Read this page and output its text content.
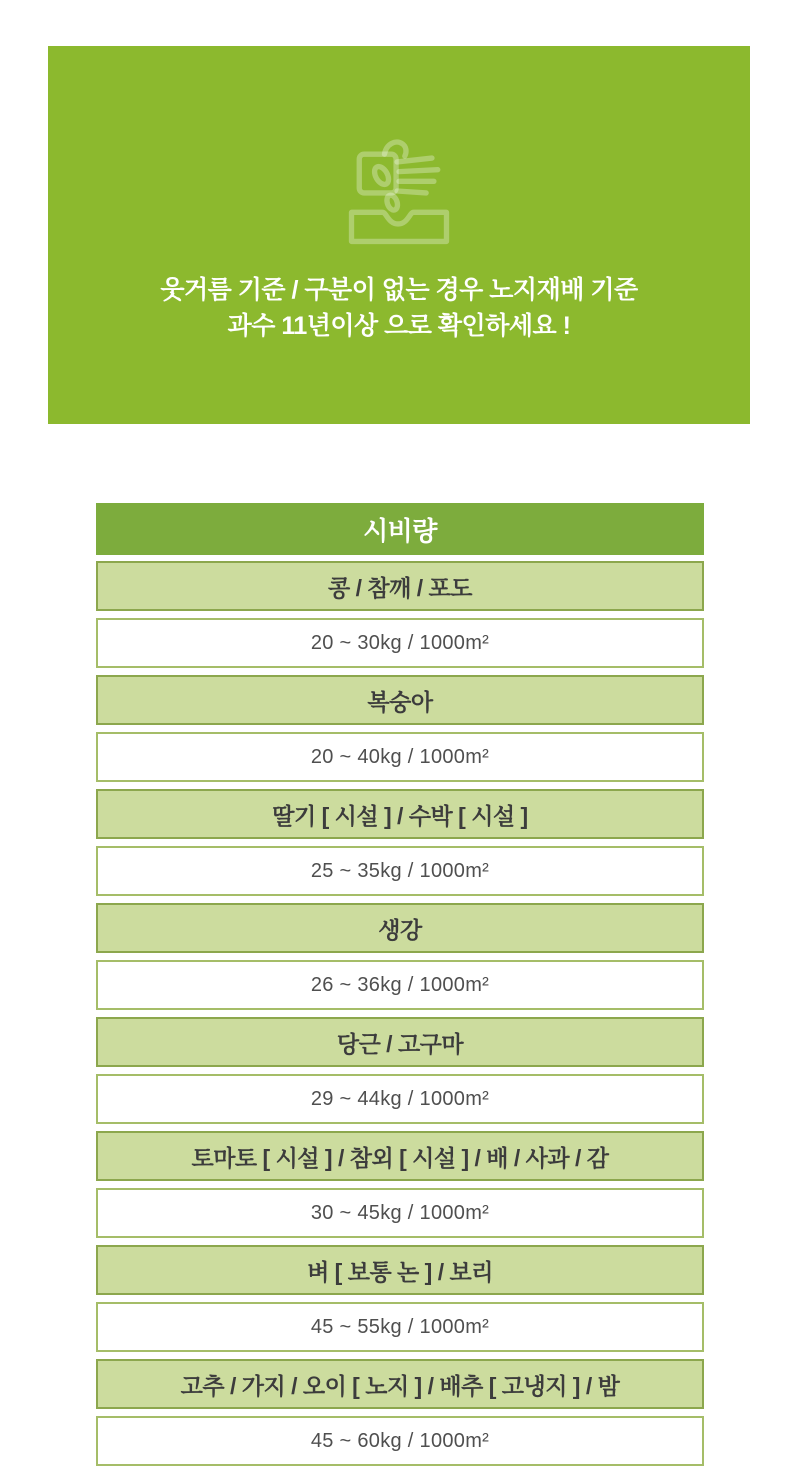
웃거름 기준 / 구분이 없는 경우 노지재배 기준
과수 11년이상 으로 확인하세요 !
시비량
콩 / 참깨 / 포도
20 ~ 30kg / 1000m²
복숭아
20 ~ 40kg / 1000m²
딸기 [ 시설 ] / 수박 [ 시설 ]
25 ~ 35kg / 1000m²
생강
26 ~ 36kg / 1000m²
당근 / 고구마
29 ~ 44kg / 1000m²
토마토 [ 시설 ] / 참외 [ 시설 ] / 배 / 사과 / 감
30 ~ 45kg / 1000m²
벼 [ 보통 논 ] / 보리
45 ~ 55kg / 1000m²
고추 / 가지 / 오이 [ 노지 ] / 배추 [ 고냉지 ] / 밤
45 ~ 60kg / 1000m²
